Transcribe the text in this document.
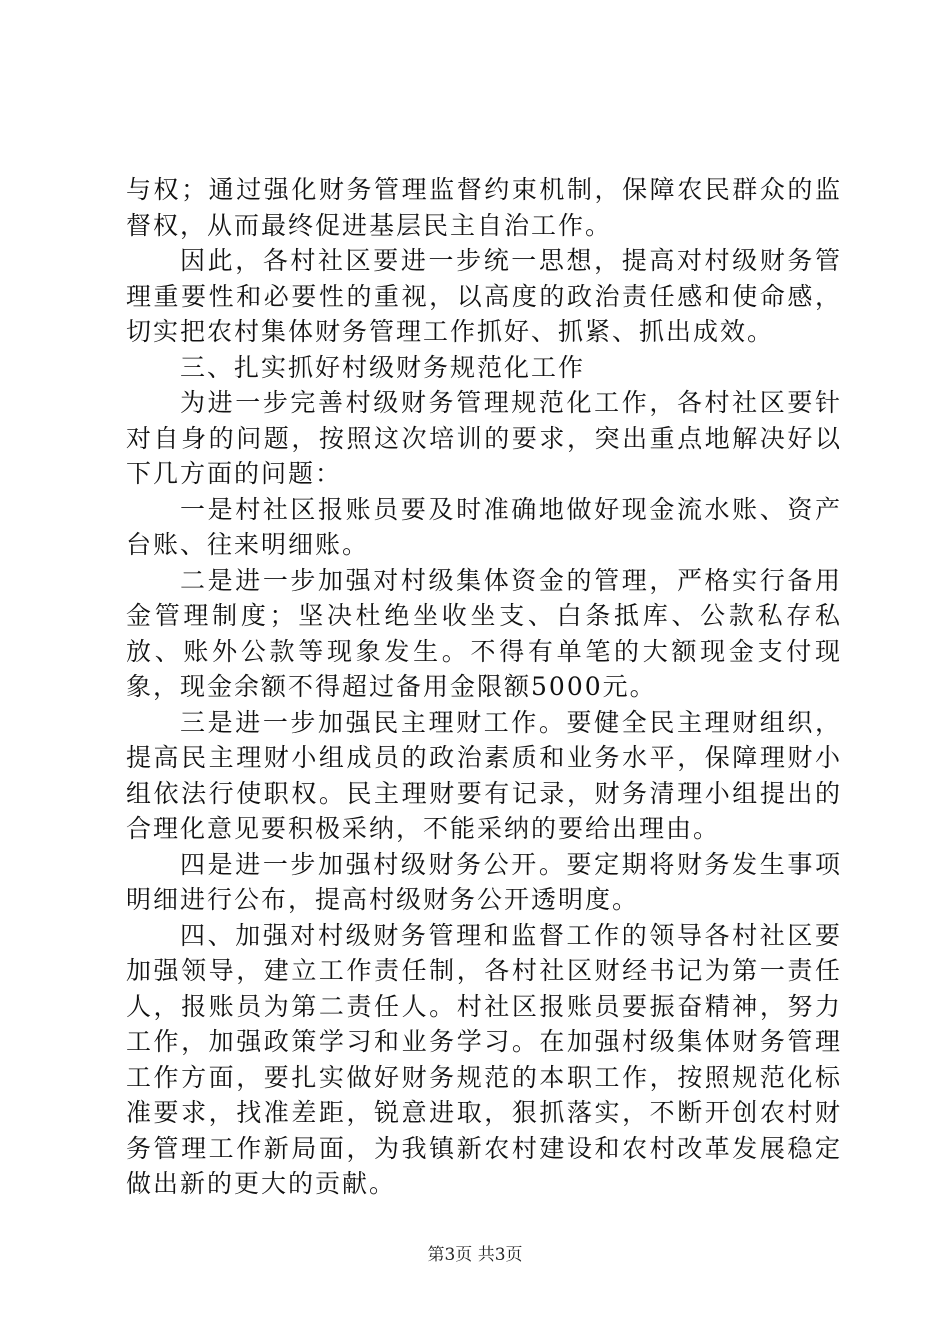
与权；通过强化财务管理监督约束机制，保障农民群众的监督权，从而最终促进基层民主自治工作。

因此，各村社区要进一步统一思想，提高对村级财务管理重要性和必要性的重视，以高度的政治责任感和使命感，切实把农村集体财务管理工作抓好、抓紧、抓出成效。

三、扎实抓好村级财务规范化工作

为进一步完善村级财务管理规范化工作，各村社区要针对自身的问题，按照这次培训的要求，突出重点地解决好以下几方面的问题：

一是村社区报账员要及时准确地做好现金流水账、资产台账、往来明细账。

二是进一步加强对村级集体资金的管理，严格实行备用金管理制度；坚决杜绝坐收坐支、白条抵库、公款私存私放、账外公款等现象发生。不得有单笔的大额现金支付现象，现金余额不得超过备用金限额5000元。

三是进一步加强民主理财工作。要健全民主理财组织，提高民主理财小组成员的政治素质和业务水平，保障理财小组依法行使职权。民主理财要有记录，财务清理小组提出的合理化意见要积极采纳，不能采纳的要给出理由。

四是进一步加强村级财务公开。要定期将财务发生事项明细进行公布，提高村级财务公开透明度。

四、加强对村级财务管理和监督工作的领导各村社区要加强领导，建立工作责任制，各村社区财经书记为第一责任人，报账员为第二责任人。村社区报账员要振奋精神，努力工作，加强政策学习和业务学习。在加强村级集体财务管理工作方面，要扎实做好财务规范的本职工作，按照规范化标准要求，找准差距，锐意进取，狠抓落实，不断开创农村财务管理工作新局面，为我镇新农村建设和农村改革发展稳定做出新的更大的贡献。

第3页 共3页
